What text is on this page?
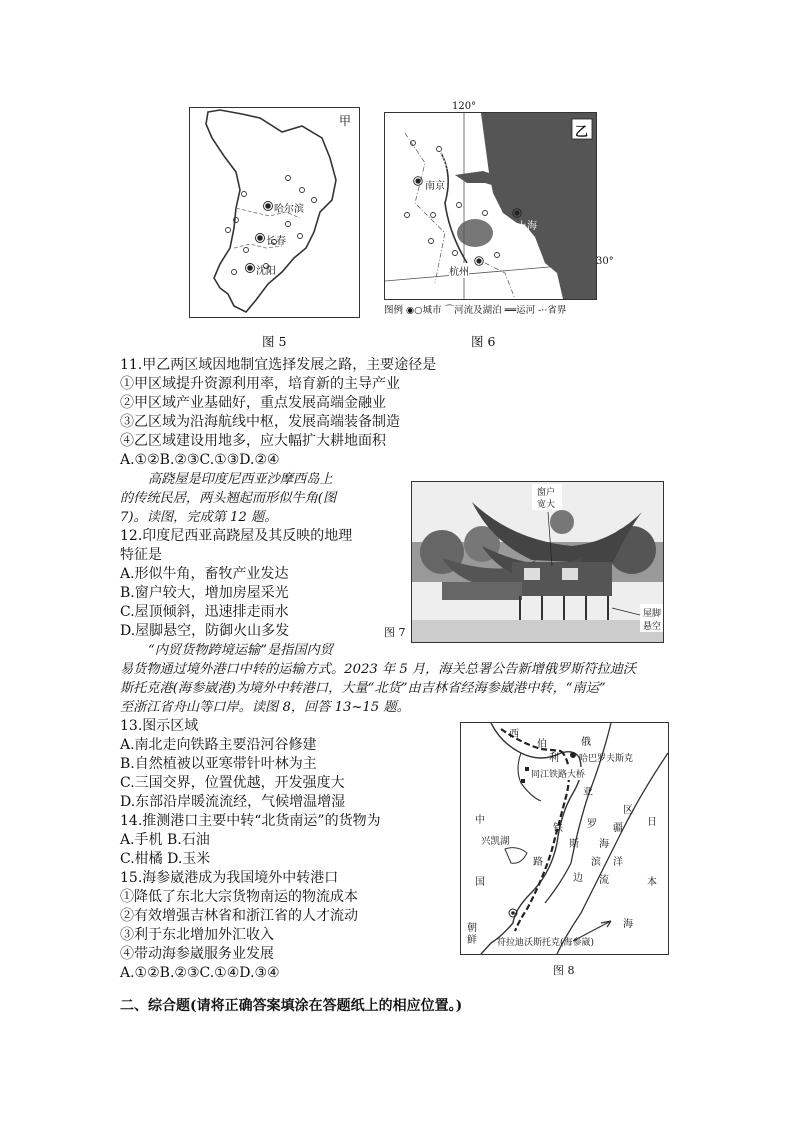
甲
哈尔滨
长春
沈阳
图 5
120°
乙
南京
上海
杭州
30°
图例 ◉○城市 ⌒河流及湖泊 ══运河 ‐··省界
图 6
11.甲乙两区域因地制宜选择发展之路，主要途径是
①甲区域提升资源利用率，培育新的主导产业
②甲区域产业基础好，重点发展高端金融业
③乙区域为沿海航线中枢，发展高端装备制造
④乙区域建设用地多，应大幅扩大耕地面积
A.①②B.②③C.①③D.②④
高跷屋是印度尼西亚沙摩西岛上
的传统民居，两头翘起而形似牛角(图
7)。读图，完成第 12 题。
12.印度尼西亚高跷屋及其反映的地理
特征是
A.形似牛角，畜牧产业发达
B.窗户较大，增加房屋采光
C.屋顶倾斜，迅速排走雨水
D.屋脚悬空，防御火山多发
窗户
宽大
屋脚
悬空
图 7
“内贸货物跨境运输”是指国内贸
易货物通过境外港口中转的运输方式。2023 年 5 月，海关总署公告新增俄罗斯符拉迪沃
斯托克港(海参崴港)为境外中转港口，大量“北货”由吉林省经海参崴港中转，“南运”
至浙江省舟山等口岸。读图 8，回答 13~15 题。
13.图示区域
A.南北走向铁路主要沿河谷修建
B.自然植被以亚寒带针叶林为主
C.三国交界，位置优越，开发强度大
D.东部沿岸暖流流经，气候增温增湿
14.推测港口主要中转“北货南运”的货物为
A.手机 B.石油
C.柑橘 D.玉米
15.海参崴港成为我国境外中转港口
①降低了东北大宗货物南运的物流成本
②有效增强吉林省和浙江省的人才流动
③利于东北增加外汇收入
④带动海参崴服务业发展
A.①②B.②③C.①④D.③④
西
伯	俄
利 哈巴罗夫斯克
同江铁路大桥
亚
罗
中
铁
斯
兴凯湖
路	滨
海
国	边
疆
区
日
洋
流	本
海
朝
鲜 符拉迪沃斯托克(海参崴)
图 8
二、综合题(请将正确答案填涂在答题纸上的相应位置。)
